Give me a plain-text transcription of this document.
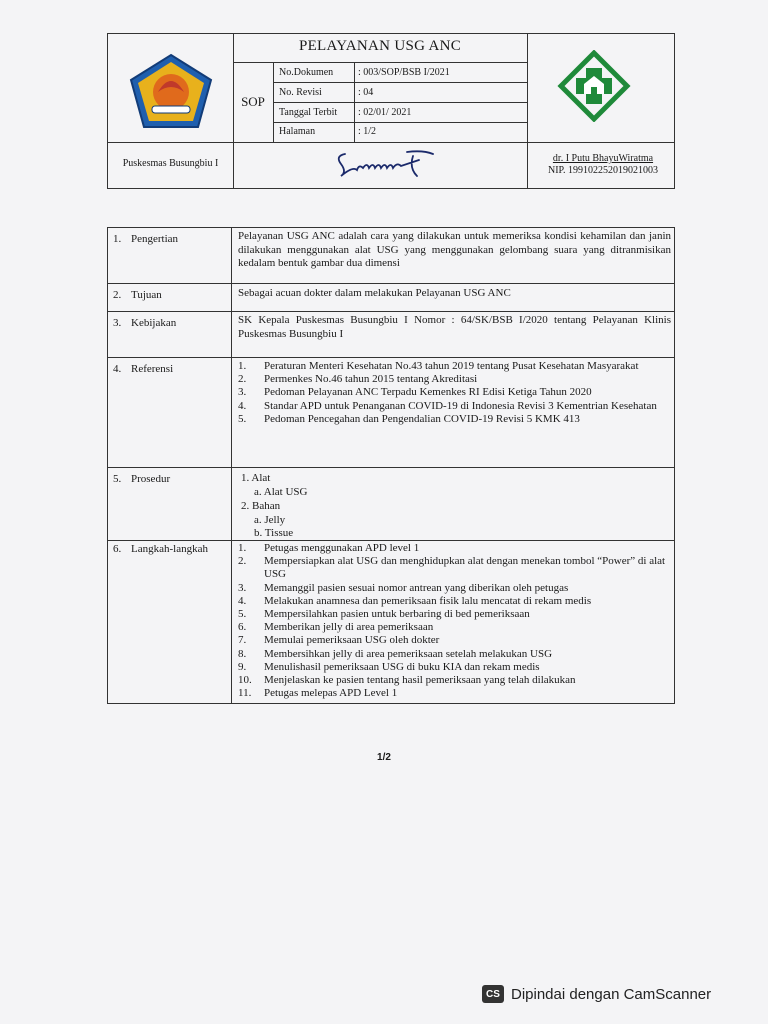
PELAYANAN USG ANC
SOP
No.Dokumen : 003/SOP/BSB I/2021
No. Revisi	: 04
Tanggal Terbit : 02/01/ 2021
Halaman	: 1/2
Puskesmas Busungbiu I	dr. I Putu BhayuWiratma
NIP. 199102252019021003
1. Pengertian	Pelayanan USG ANC adalah cara yang dilakukan untuk memeriksa kondisi kehamilan dan janin dilakukan menggunakan alat USG yang menggunakan gelombang suara yang ditranmisikan kedalam bentuk gambar dua dimensi
2. Tujuan	Sebagai acuan dokter dalam melakukan Pelayanan USG ANC
3. Kebijakan	SK Kepala Puskesmas Busungbiu I Nomor : 64/SK/BSB I/2020 tentang Pelayanan Klinis Puskesmas Busungbiu I
4. Referensi	1.	Peraturan Menteri Kesehatan No.43 tahun 2019 tentang Pusat Kesehatan Masyarakat
2.	Permenkes No.46 tahun 2015 tentang Akreditasi
3.	Pedoman Pelayanan ANC Terpadu Kemenkes RI Edisi Ketiga Tahun 2020
4.	Standar APD untuk Penanganan COVID-19 di Indonesia Revisi 3 Kementrian Kesehatan
5.	Pedoman Pencegahan dan Pengendalian COVID-19 Revisi 5 KMK 413
5. Prosedur	1. Alat
a. Alat USG
2. Bahan
a. Jelly
b. Tissue
6. Langkah-langkah	1.	Petugas menggunakan APD level 1
2.	Mempersiapkan alat USG dan menghidupkan alat dengan menekan tombol “Power” di alat USG
3.	Memanggil pasien sesuai nomor antrean yang diberikan oleh petugas
4.	Melakukan anamnesa dan pemeriksaan fisik lalu mencatat di rekam medis
5.	Mempersilahkan pasien untuk berbaring di bed pemeriksaan
6.	Memberikan jelly di area pemeriksaan
7.	Memulai pemeriksaan USG oleh dokter
8.	Membersihkan jelly di area pemeriksaan setelah melakukan USG
9.	Menulishasil pemeriksaan USG di buku KIA dan rekam medis
10.	Menjelaskan ke pasien tentang hasil pemeriksaan yang telah dilakukan
11.	Petugas melepas APD Level 1
1/2
CS Dipindai dengan CamScanner
